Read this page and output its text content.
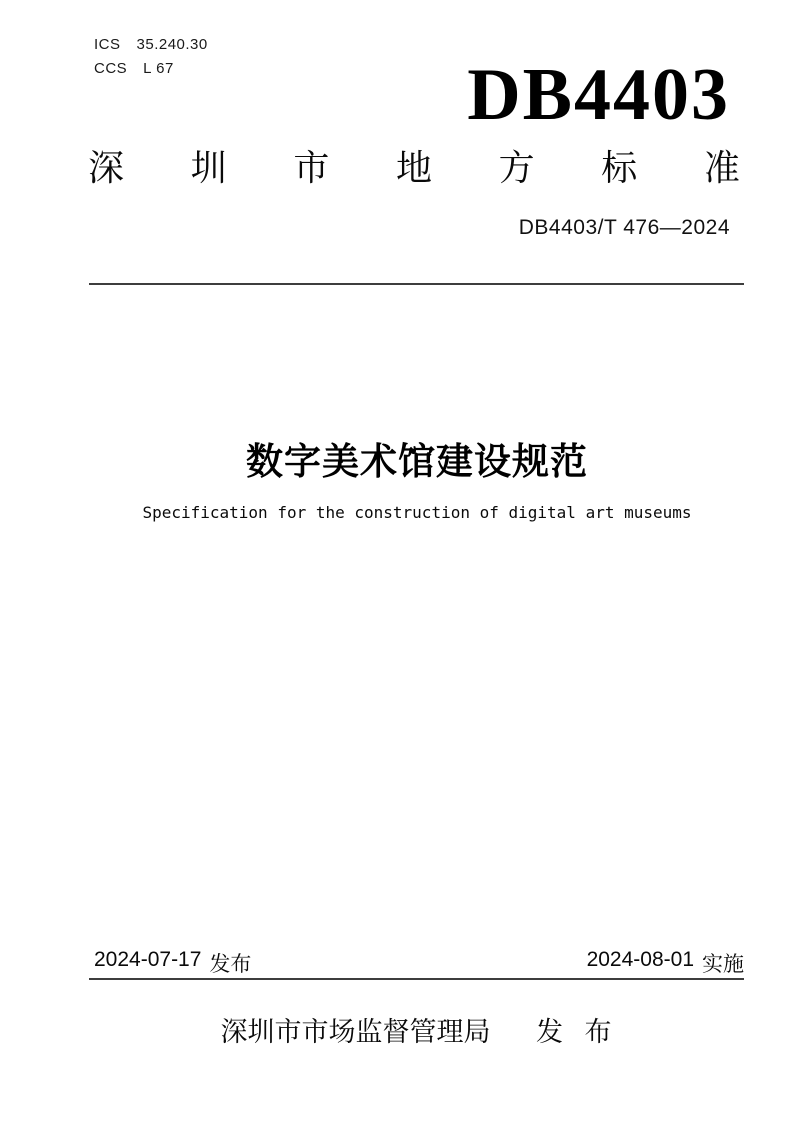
ICS 35.240.30
CCS L 67	DB4403
深 圳 市 地 方 标 准
DB4403/T 476—2024
数字美术馆建设规范
Specification for the construction of digital art museums
2024-07-17 发布	2024-08-01 实施
深圳市市场监督管理局 发 布
